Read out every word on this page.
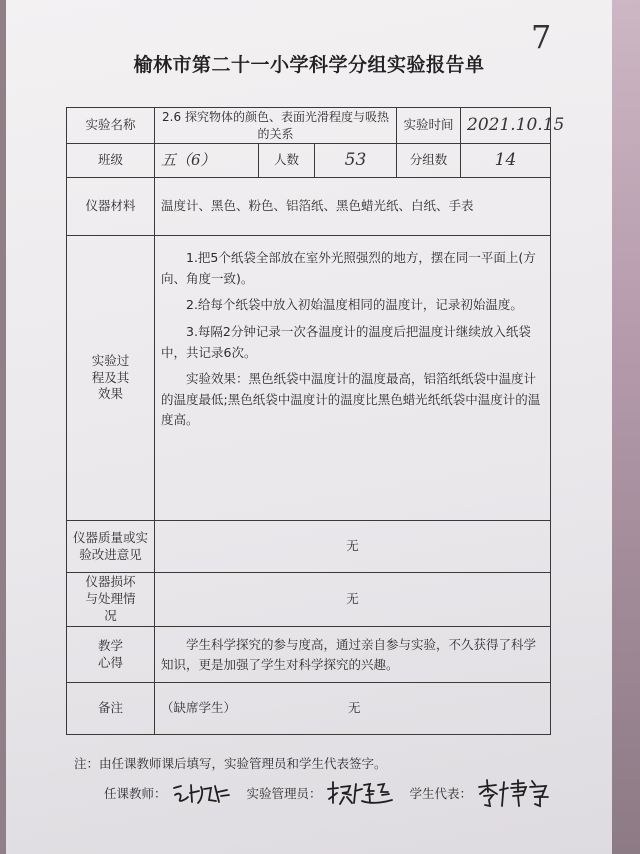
7
榆林市第二十一小学科学分组实验报告单
实验名称	2.6 探究物体的颜色、表面光滑程度与吸热的关系			实验时间	2021.10.15
班级	五（6）	人数	53	分组数	14
仪器材料	温度计、黑色、粉色、铝箔纸、黑色蜡光纸、白纸、手表				
实验过程及其效果	1.把5个纸袋全部放在室外光照强烈的地方，摆在同一平面上(方向、角度一致)。

2.给每个纸袋中放入初始温度相同的温度计，记录初始温度。

3.每隔2分钟记录一次各温度计的温度后把温度计继续放入纸袋中，共记录6次。

实验效果：黑色纸袋中温度计的温度最高，铝箔纸纸袋中温度计的温度最低;黑色纸袋中温度计的温度比黑色蜡光纸纸袋中温度计的温度高。				

仪器质量或实验改进意见	无				
仪器损坏与处理情况	无				
教学心得	学生科学探究的参与度高，通过亲自参与实验，不久获得了科学知识，更是加强了学生对科学探究的兴趣。				
备注	（缺席学生） 无				
注：由任课教师课后填写，实验管理员和学生代表签字。
任课教师：	实验管理员：	学生代表：
